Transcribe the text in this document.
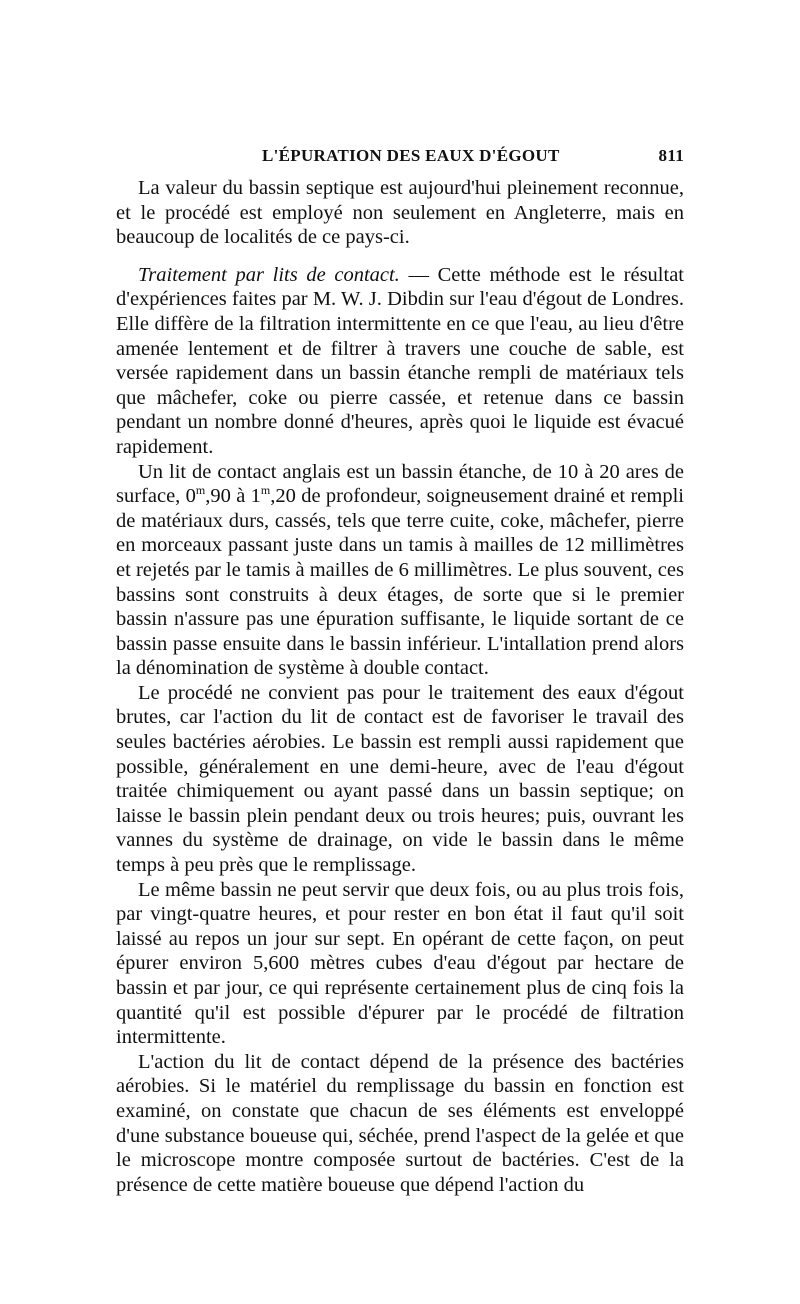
L'ÉPURATION DES EAUX D'ÉGOUT	811

La valeur du bassin septique est aujourd'hui pleinement reconnue, et le procédé est employé non seulement en Angleterre, mais en beaucoup de localités de ce pays-ci.

Traitement par lits de contact. — Cette méthode est le résultat d'expériences faites par M. W. J. Dibdin sur l'eau d'égout de Londres. Elle diffère de la filtration intermittente en ce que l'eau, au lieu d'être amenée lentement et de filtrer à travers une couche de sable, est versée rapidement dans un bassin étanche rempli de matériaux tels que mâchefer, coke ou pierre cassée, et retenue dans ce bassin pendant un nombre donné d'heures, après quoi le liquide est évacué rapidement.

Un lit de contact anglais est un bassin étanche, de 10 à 20 ares de surface, 0$^m$,90 à 1$^m$,20 de profondeur, soigneusement drainé et rempli de matériaux durs, cassés, tels que terre cuite, coke, mâchefer, pierre en morceaux passant juste dans un tamis à mailles de 12 millimètres et rejetés par le tamis à mailles de 6 millimètres. Le plus souvent, ces bassins sont construits à deux étages, de sorte que si le premier bassin n'assure pas une épuration suffisante, le liquide sortant de ce bassin passe ensuite dans le bassin inférieur. L'intallation prend alors la dénomination de système à double contact.

Le procédé ne convient pas pour le traitement des eaux d'égout brutes, car l'action du lit de contact est de favoriser le travail des seules bactéries aérobies. Le bassin est rempli aussi rapidement que possible, généralement en une demi-heure, avec de l'eau d'égout traitée chimiquement ou ayant passé dans un bassin septique; on laisse le bassin plein pendant deux ou trois heures; puis, ouvrant les vannes du système de drainage, on vide le bassin dans le même temps à peu près que le remplissage.

Le même bassin ne peut servir que deux fois, ou au plus trois fois, par vingt-quatre heures, et pour rester en bon état il faut qu'il soit laissé au repos un jour sur sept. En opérant de cette façon, on peut épurer environ 5,600 mètres cubes d'eau d'égout par hectare de bassin et par jour, ce qui représente certainement plus de cinq fois la quantité qu'il est possible d'épurer par le procédé de filtration intermittente.

L'action du lit de contact dépend de la présence des bactéries aérobies. Si le matériel du remplissage du bassin en fonction est examiné, on constate que chacun de ses éléments est enveloppé d'une substance boueuse qui, séchée, prend l'aspect de la gelée et que le microscope montre composée surtout de bactéries. C'est de la présence de cette matière boueuse que dépend l'action du
